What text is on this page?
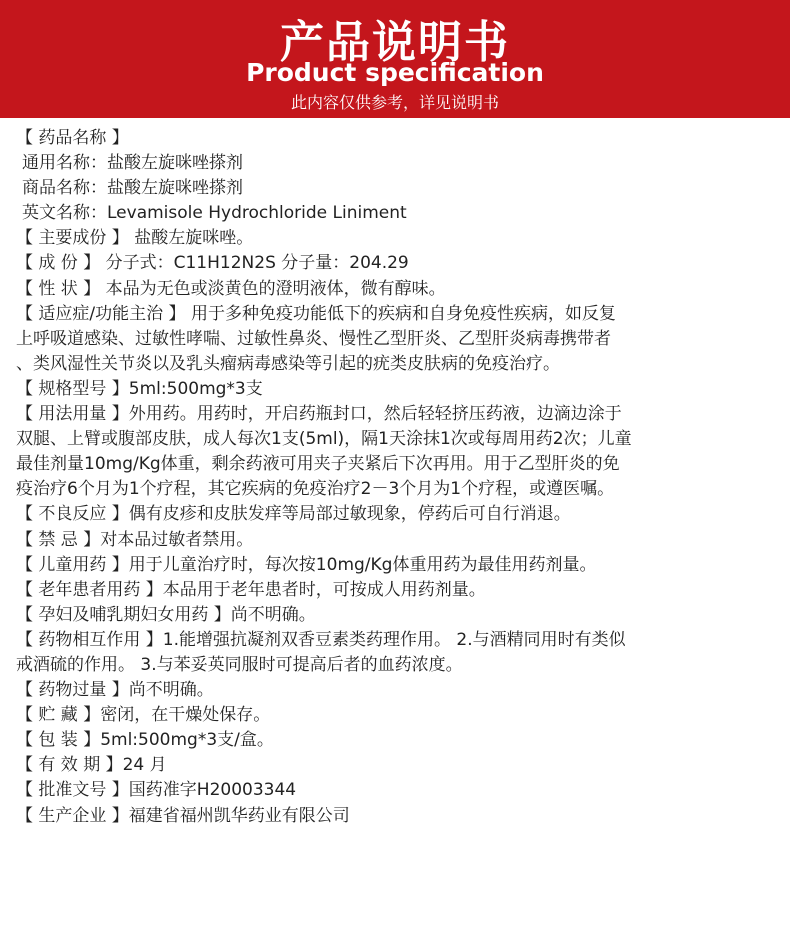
产品说明书
Product specification
此内容仅供参考，详见说明书
【 药品名称 】
通用名称：盐酸左旋咪唑搽剂
商品名称：盐酸左旋咪唑搽剂
英文名称：Levamisole Hydrochloride Liniment
【 主要成份 】 盐酸左旋咪唑。
【 成 份 】 分子式：C11H12N2S 分子量：204.29
【 性 状 】 本品为无色或淡黄色的澄明液体，微有醇味。
【 适应症/功能主治 】 用于多种免疫功能低下的疾病和自身免疫性疾病，如反复
上呼吸道感染、过敏性哮喘、过敏性鼻炎、慢性乙型肝炎、乙型肝炎病毒携带者
、类风湿性关节炎以及乳头瘤病毒感染等引起的疣类皮肤病的免疫治疗。
【 规格型号 】5ml:500mg*3支
【 用法用量 】外用药。用药时，开启药瓶封口，然后轻轻挤压药液，边滴边涂于
双腿、上臂或腹部皮肤，成人每次1支(5ml)，隔1天涂抹1次或每周用药2次；儿童
最佳剂量10mg/Kg体重，剩余药液可用夹子夹紧后下次再用。用于乙型肝炎的免
疫治疗6个月为1个疗程，其它疾病的免疫治疗2－3个月为1个疗程，或遵医嘱。
【 不良反应 】偶有皮疹和皮肤发痒等局部过敏现象，停药后可自行消退。
【 禁 忌 】对本品过敏者禁用。
【 儿童用药 】用于儿童治疗时，每次按10mg/Kg体重用药为最佳用药剂量。
【 老年患者用药 】本品用于老年患者时，可按成人用药剂量。
【 孕妇及哺乳期妇女用药 】尚不明确。
【 药物相互作用 】1.能增强抗凝剂双香豆素类药理作用。 2.与酒精同用时有类似
戒酒硫的作用。 3.与苯妥英同服时可提高后者的血药浓度。
【 药物过量 】尚不明确。
【 贮 藏 】密闭，在干燥处保存。
【 包 装 】5ml:500mg*3支/盒。
【 有 效 期 】24 月
【 批准文号 】国药准字H20003344
【 生产企业 】福建省福州凯华药业有限公司
